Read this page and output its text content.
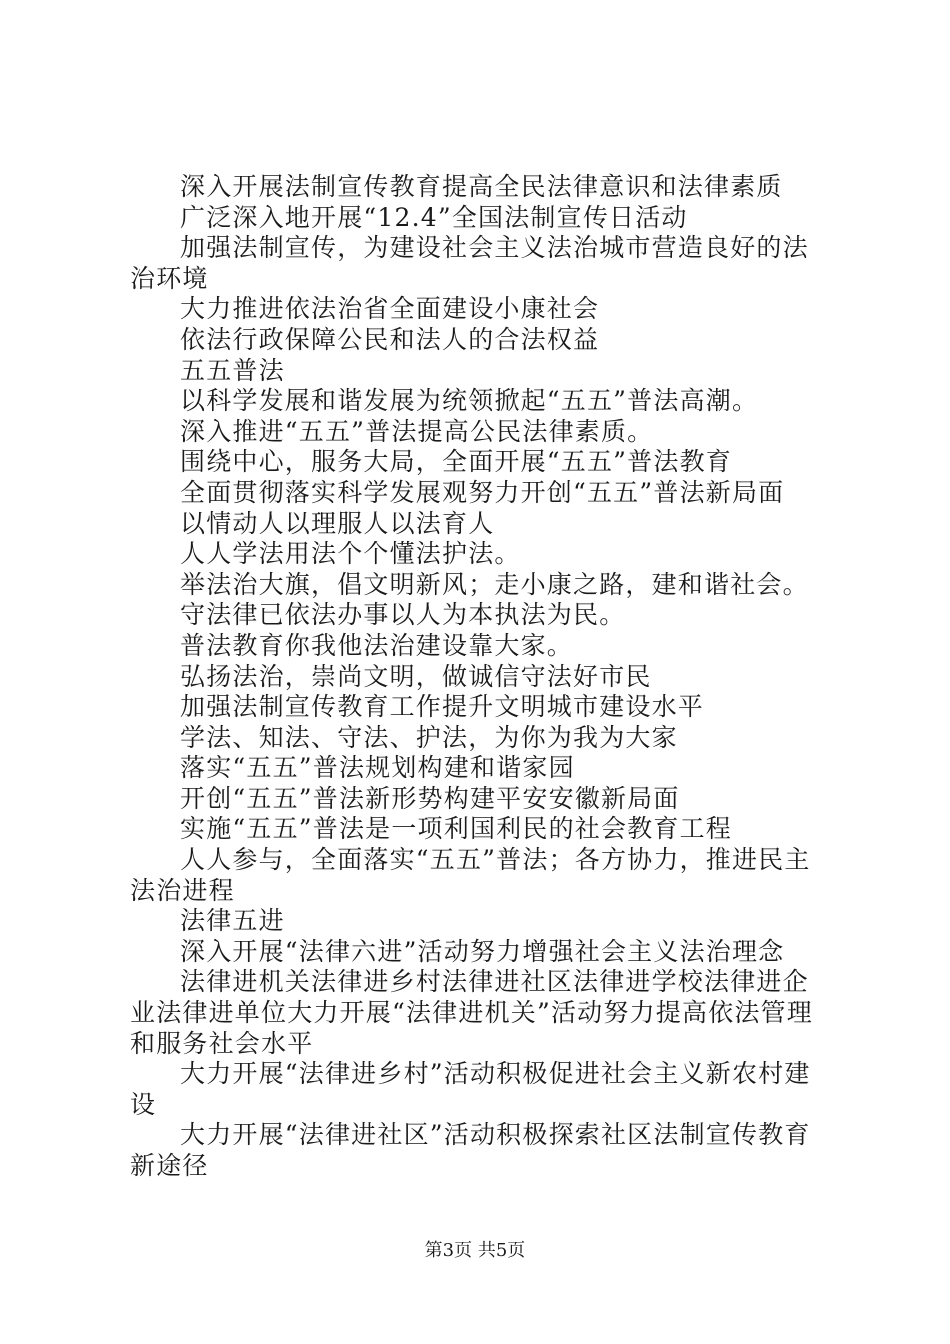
深入开展法制宣传教育提高全民法律意识和法律素质

广泛深入地开展“12.4”全国法制宣传日活动

加强法制宣传，为建设社会主义法治城市营造良好的法治环境

大力推进依法治省全面建设小康社会

依法行政保障公民和法人的合法权益

五五普法

以科学发展和谐发展为统领掀起“五五”普法高潮。

深入推进“五五”普法提高公民法律素质。

围绕中心，服务大局，全面开展“五五”普法教育

全面贯彻落实科学发展观努力开创“五五”普法新局面

以情动人以理服人以法育人

人人学法用法个个懂法护法。

举法治大旗，倡文明新风；走小康之路，建和谐社会。

守法律已依法办事以人为本执法为民。

普法教育你我他法治建设靠大家。

弘扬法治，崇尚文明，做诚信守法好市民

加强法制宣传教育工作提升文明城市建设水平

学法、知法、守法、护法，为你为我为大家

落实“五五”普法规划构建和谐家园

开创“五五”普法新形势构建平安安徽新局面

实施“五五”普法是一项利国利民的社会教育工程

人人参与，全面落实“五五”普法；各方协力，推进民主法治进程

法律五进

深入开展“法律六进”活动努力增强社会主义法治理念

法律进机关法律进乡村法律进社区法律进学校法律进企业法律进单位大力开展“法律进机关”活动努力提高依法管理和服务社会水平

大力开展“法律进乡村”活动积极促进社会主义新农村建设

大力开展“法律进社区”活动积极探索社区法制宣传教育新途径

第3页 共5页
